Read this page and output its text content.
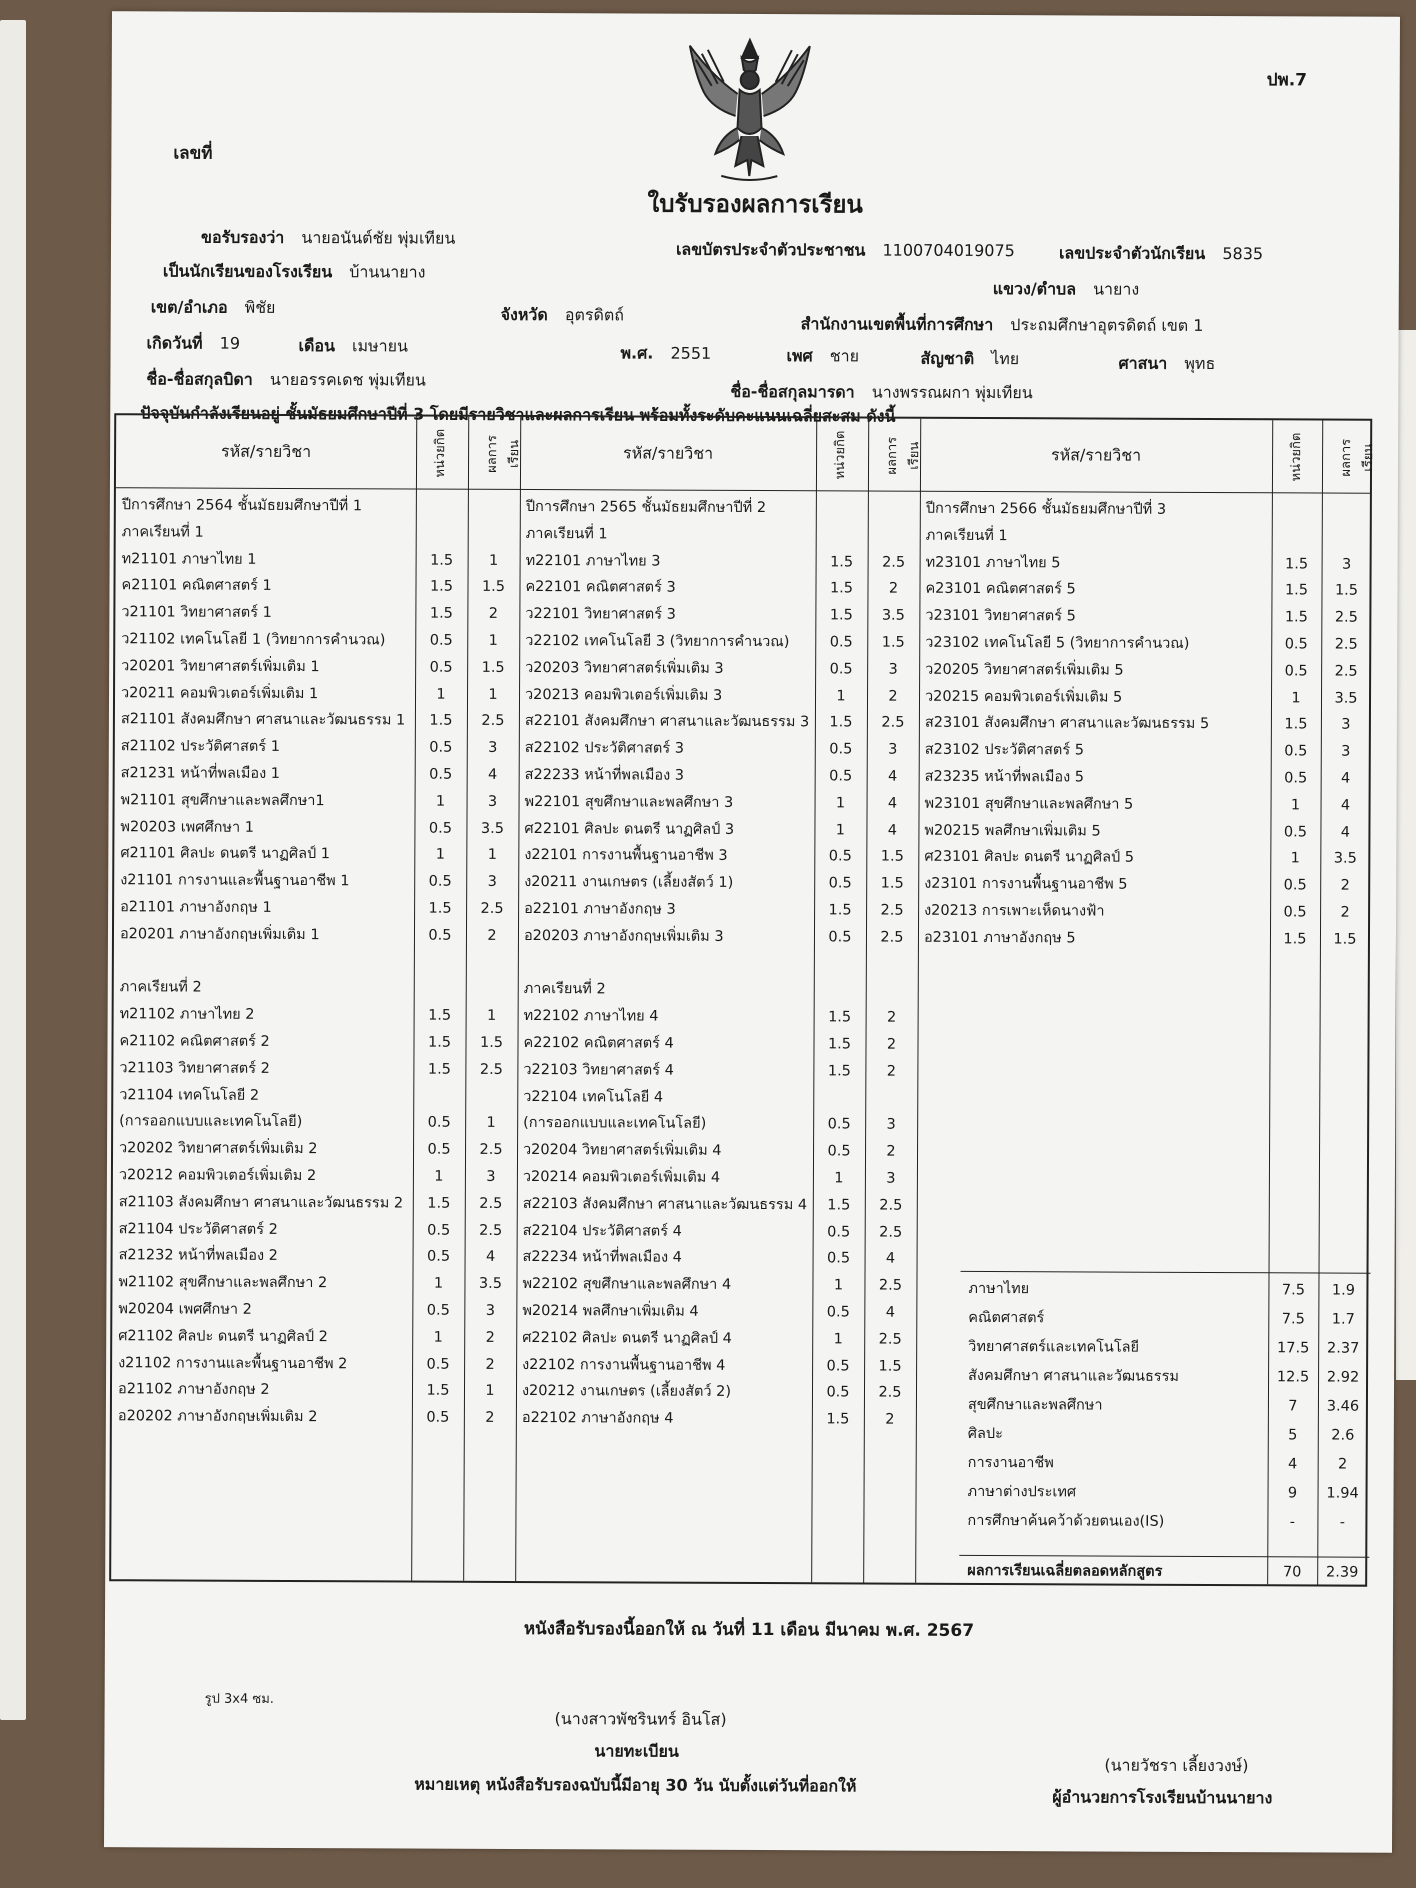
ปพ.7
เลขที่
ใบรับรองผลการเรียน
ขอรับรองว่า นายอนันต์ชัย พุ่มเทียน
เลขบัตรประจำตัวประชาชน 1100704019075	เลขประจำตัวนักเรียน 5835
เป็นนักเรียนของโรงเรียน บ้านนายาง
แขวง/ตำบล นายาง
เขต/อำเภอ พิชัย	จังหวัด อุตรดิตถ์	สำนักงานเขตพื้นที่การศึกษา ประถมศึกษาอุตรดิตถ์ เขต 1
เกิดวันที่ 19	เดือน เมษายน	พ.ศ. 2551	เพศ ชาย	สัญชาติ ไทย	ศาสนา พุทธ
ชื่อ-ชื่อสกุลบิดา นายอรรคเดช พุ่มเทียน
ชื่อ-ชื่อสกุลมารดา นางพรรณผกา พุ่มเทียน
ปัจจุบันกำลังเรียนอยู่ ชั้นมัธยมศึกษาปีที่ 3 โดยมีรายวิชาและผลการเรียน พร้อมทั้งระดับคะแนนเฉลี่ยสะสม ดังนี้
รหัส/รายวิชา	หน่วยกิต	ผลการเรียน	รหัส/รายวิชา	หน่วยกิต	ผลการเรียน	รหัส/รายวิชา	หน่วยกิต	ผลการเรียน
ปีการศึกษา 2564 ชั้นมัธยมศึกษาปีที่ 1
ภาคเรียนที่ 1
ท21101 ภาษาไทย 1	1.5	1
ค21101 คณิตศาสตร์ 1	1.5	1.5
ว21101 วิทยาศาสตร์ 1	1.5	2
ว21102 เทคโนโลยี 1 (วิทยาการคำนวณ)	0.5	1
ว20201 วิทยาศาสตร์เพิ่มเติม 1	0.5	1.5
ว20211 คอมพิวเตอร์เพิ่มเติม 1	1	1
ส21101 สังคมศึกษา ศาสนาและวัฒนธรรม 1	1.5	2.5
ส21102 ประวัติศาสตร์ 1	0.5	3
ส21231 หน้าที่พลเมือง 1	0.5	4
พ21101 สุขศึกษาและพลศึกษา1	1	3
พ20203 เพศศึกษา 1	0.5	3.5
ศ21101 ศิลปะ ดนตรี นาฏศิลป์ 1	1	1
ง21101 การงานและพื้นฐานอาชีพ 1	0.5	3
อ21101 ภาษาอังกฤษ 1	1.5	2.5
อ20201 ภาษาอังกฤษเพิ่มเติม 1	0.5	2
ภาคเรียนที่ 2
ท21102 ภาษาไทย 2	1.5	1
ค21102 คณิตศาสตร์ 2	1.5	1.5
ว21103 วิทยาศาสตร์ 2	1.5	2.5
ว21104 เทคโนโลยี 2
(การออกแบบและเทคโนโลยี)	0.5	1
ว20202 วิทยาศาสตร์เพิ่มเติม 2	0.5	2.5
ว20212 คอมพิวเตอร์เพิ่มเติม 2	1	3
ส21103 สังคมศึกษา ศาสนาและวัฒนธรรม 2	1.5	2.5
ส21104 ประวัติศาสตร์ 2	0.5	2.5
ส21232 หน้าที่พลเมือง 2	0.5	4
พ21102 สุขศึกษาและพลศึกษา 2	1	3.5
พ20204 เพศศึกษา 2	0.5	3
ศ21102 ศิลปะ ดนตรี นาฏศิลป์ 2	1	2
ง21102 การงานและพื้นฐานอาชีพ 2	0.5	2
อ21102 ภาษาอังกฤษ 2	1.5	1
อ20202 ภาษาอังกฤษเพิ่มเติม 2	0.5	2
ปีการศึกษา 2565 ชั้นมัธยมศึกษาปีที่ 2
ภาคเรียนที่ 1
ท22101 ภาษาไทย 3	1.5	2.5
ค22101 คณิตศาสตร์ 3	1.5	2
ว22101 วิทยาศาสตร์ 3	1.5	3.5
ว22102 เทคโนโลยี 3 (วิทยาการคำนวณ)	0.5	1.5
ว20203 วิทยาศาสตร์เพิ่มเติม 3	0.5	3
ว20213 คอมพิวเตอร์เพิ่มเติม 3	1	2
ส22101 สังคมศึกษา ศาสนาและวัฒนธรรม 3	1.5	2.5
ส22102 ประวัติศาสตร์ 3	0.5	3
ส22233 หน้าที่พลเมือง 3	0.5	4
พ22101 สุขศึกษาและพลศึกษา 3	1	4
ศ22101 ศิลปะ ดนตรี นาฏศิลป์ 3	1	4
ง22101 การงานพื้นฐานอาชีพ 3	0.5	1.5
ง20211 งานเกษตร (เลี้ยงสัตว์ 1)	0.5	1.5
อ22101 ภาษาอังกฤษ 3	1.5	2.5
อ20203 ภาษาอังกฤษเพิ่มเติม 3	0.5	2.5
ภาคเรียนที่ 2
ท22102 ภาษาไทย 4	1.5	2
ค22102 คณิตศาสตร์ 4	1.5	2
ว22103 วิทยาศาสตร์ 4	1.5	2
ว22104 เทคโนโลยี 4
(การออกแบบและเทคโนโลยี)	0.5	3
ว20204 วิทยาศาสตร์เพิ่มเติม 4	0.5	2
ว20214 คอมพิวเตอร์เพิ่มเติม 4	1	3
ส22103 สังคมศึกษา ศาสนาและวัฒนธรรม 4	1.5	2.5
ส22104 ประวัติศาสตร์ 4	0.5	2.5
ส22234 หน้าที่พลเมือง 4	0.5	4
พ22102 สุขศึกษาและพลศึกษา 4	1	2.5
พ20214 พลศึกษาเพิ่มเติม 4	0.5	4
ศ22102 ศิลปะ ดนตรี นาฏศิลป์ 4	1	2.5
ง22102 การงานพื้นฐานอาชีพ 4	0.5	1.5
ง20212 งานเกษตร (เลี้ยงสัตว์ 2)	0.5	2.5
อ22102 ภาษาอังกฤษ 4	1.5	2
ปีการศึกษา 2566 ชั้นมัธยมศึกษาปีที่ 3
ภาคเรียนที่ 1
ท23101 ภาษาไทย 5	1.5	3
ค23101 คณิตศาสตร์ 5	1.5	1.5
ว23101 วิทยาศาสตร์ 5	1.5	2.5
ว23102 เทคโนโลยี 5 (วิทยาการคำนวณ)	0.5	2.5
ว20205 วิทยาศาสตร์เพิ่มเติม 5	0.5	2.5
ว20215 คอมพิวเตอร์เพิ่มเติม 5	1	3.5
ส23101 สังคมศึกษา ศาสนาและวัฒนธรรม 5	1.5	3
ส23102 ประวัติศาสตร์ 5	0.5	3
ส23235 หน้าที่พลเมือง 5	0.5	4
พ23101 สุขศึกษาและพลศึกษา 5	1	4
พ20215 พลศึกษาเพิ่มเติม 5	0.5	4
ศ23101 ศิลปะ ดนตรี นาฏศิลป์ 5	1	3.5
ง23101 การงานพื้นฐานอาชีพ 5	0.5	2
ง20213 การเพาะเห็ดนางฟ้า	0.5	2
อ23101 ภาษาอังกฤษ 5	1.5	1.5
ภาษาไทย	7.5	1.9
คณิตศาสตร์	7.5	1.7
วิทยาศาสตร์และเทคโนโลยี	17.5 2.37
สังคมศึกษา ศาสนาและวัฒนธรรม	12.5 2.92
สุขศึกษาและพลศึกษา	7	3.46
ศิลปะ	5	2.6
การงานอาชีพ	4	2
ภาษาต่างประเทศ	9	1.94
การศึกษาค้นคว้าด้วยตนเอง(IS)	-	-
ผลการเรียนเฉลี่ยตลอดหลักสูตร	70	2.39
หนังสือรับรองนี้ออกให้ ณ วันที่ 11 เดือน มีนาคม พ.ศ. 2567
รูป 3x4 ซม.
(นางสาวพัชรินทร์ อินโส)
นายทะเบียน
หมายเหตุ หนังสือรับรองฉบับนี้มีอายุ 30 วัน นับตั้งแต่วันที่ออกให้
(นายวัชรา เลี้ยงวงษ์)
ผู้อำนวยการโรงเรียนบ้านนายาง
